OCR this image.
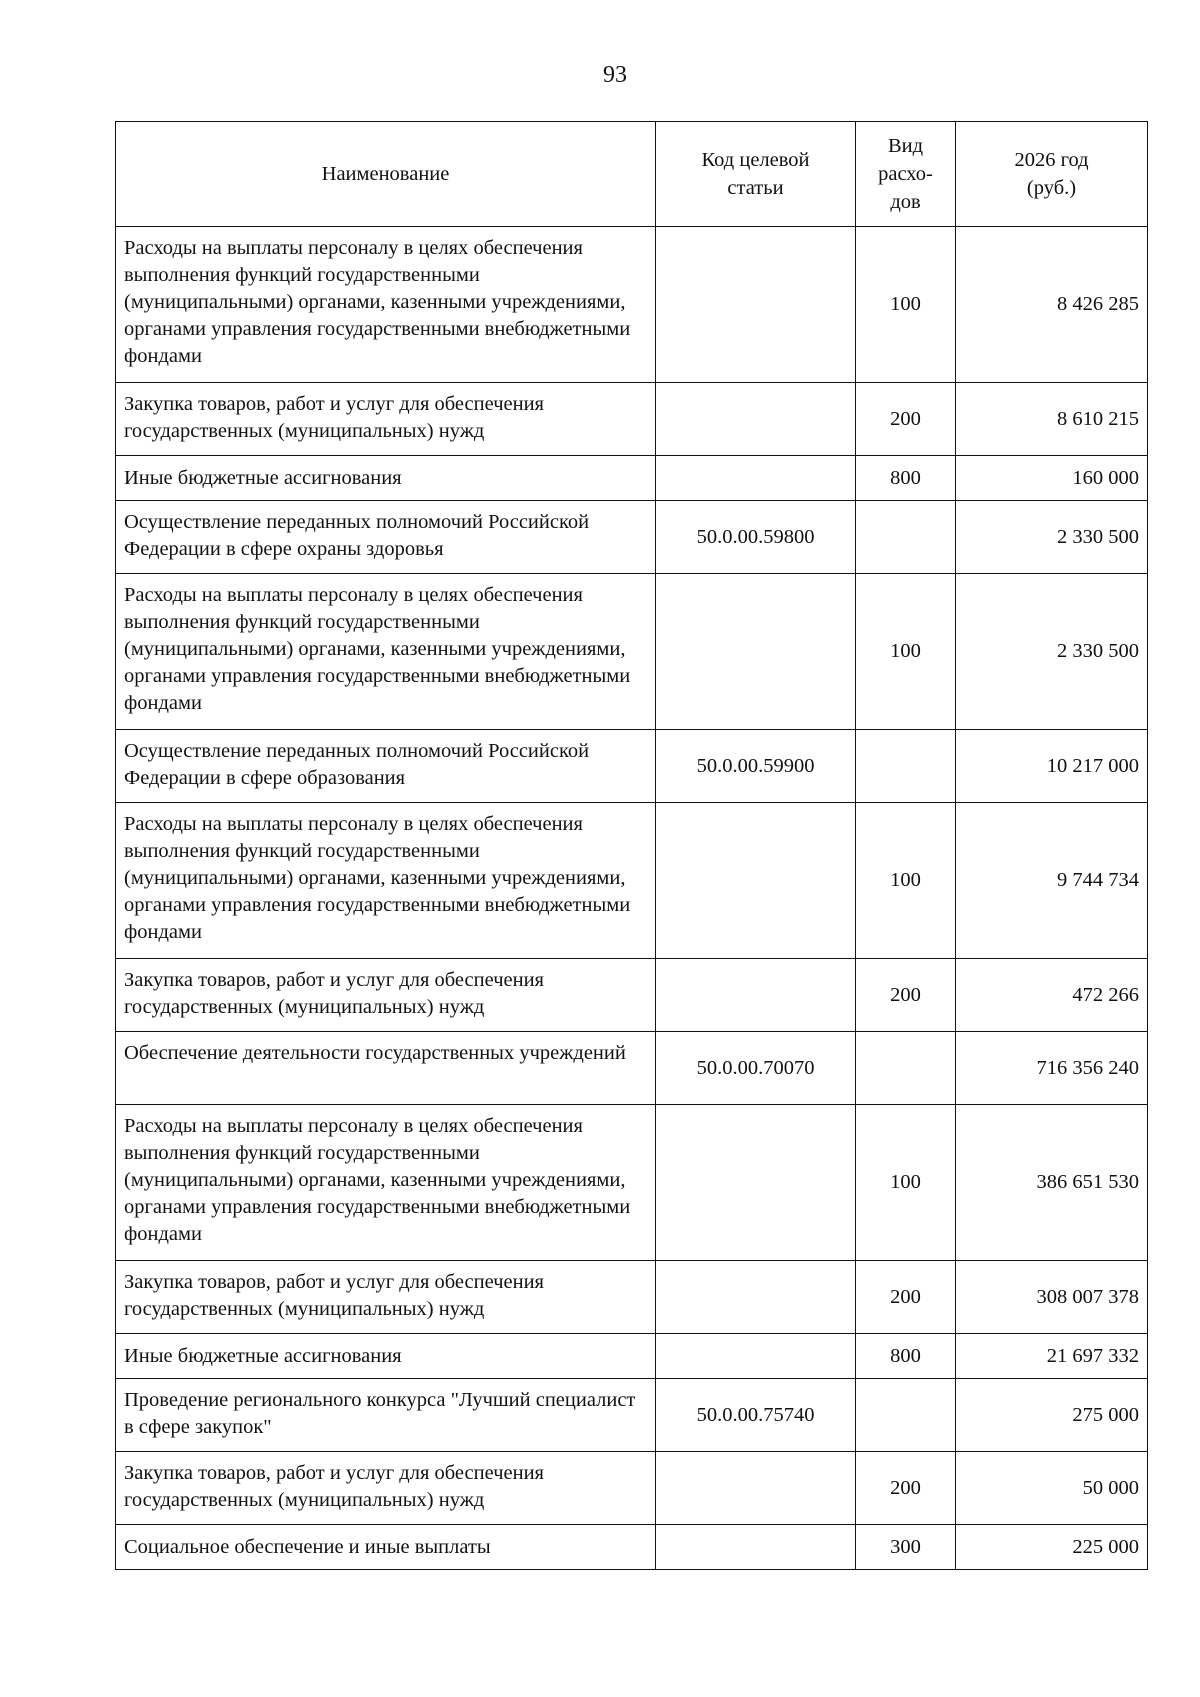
93
Наименование	Код целевой статьи	Вид расхо-дов	2026 год (руб.)
Расходы на выплаты персоналу в целях обеспечения выполнения функций государственными (муниципальными) органами, казенными учреждениями, органами управления государственными внебюджетными фондами		100	8 426 285
Закупка товаров, работ и услуг для обеспечения государственных (муниципальных) нужд		200	8 610 215
Иные бюджетные ассигнования		800	160 000
Осуществление переданных полномочий Российской Федерации в сфере охраны здоровья	50.0.00.59800		2 330 500
Расходы на выплаты персоналу в целях обеспечения выполнения функций государственными (муниципальными) органами, казенными учреждениями, органами управления государственными внебюджетными фондами		100	2 330 500
Осуществление переданных полномочий Российской Федерации в сфере образования	50.0.00.59900		10 217 000
Расходы на выплаты персоналу в целях обеспечения выполнения функций государственными (муниципальными) органами, казенными учреждениями, органами управления государственными внебюджетными фондами		100	9 744 734
Закупка товаров, работ и услуг для обеспечения государственных (муниципальных) нужд		200	472 266
Обеспечение деятельности государственных учреждений	50.0.00.70070		716 356 240
Расходы на выплаты персоналу в целях обеспечения выполнения функций государственными (муниципальными) органами, казенными учреждениями, органами управления государственными внебюджетными фондами		100	386 651 530
Закупка товаров, работ и услуг для обеспечения государственных (муниципальных) нужд		200	308 007 378
Иные бюджетные ассигнования		800	21 697 332
Проведение регионального конкурса "Лучший специалист в сфере закупок"	50.0.00.75740		275 000
Закупка товаров, работ и услуг для обеспечения государственных (муниципальных) нужд		200	50 000
Социальное обеспечение и иные выплаты		300	225 000
